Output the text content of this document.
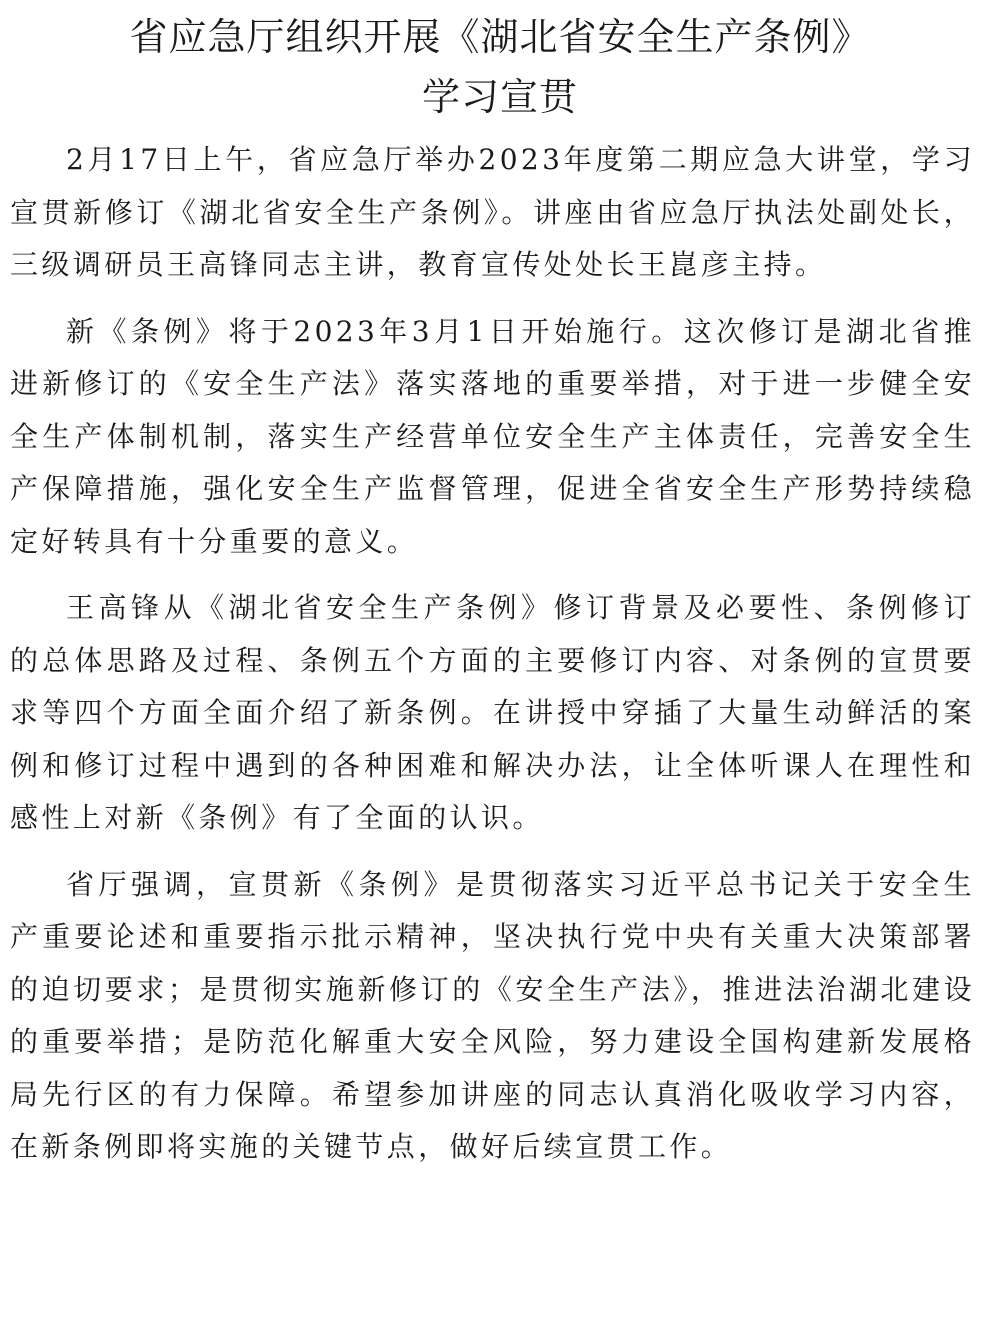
省应急厅组织开展《湖北省安全生产条例》
学习宣贯

2月17日上午，省应急厅举办2023年度第二期应急大讲堂，学习宣贯新修订《湖北省安全生产条例》。讲座由省应急厅执法处副处长，三级调研员王高锋同志主讲，教育宣传处处长王崑彦主持。

新《条例》将于2023年3月1日开始施行。这次修订是湖北省推进新修订的《安全生产法》落实落地的重要举措，对于进一步健全安全生产体制机制，落实生产经营单位安全生产主体责任，完善安全生产保障措施，强化安全生产监督管理，促进全省安全生产形势持续稳定好转具有十分重要的意义。

王高锋从《湖北省安全生产条例》修订背景及必要性、条例修订的总体思路及过程、条例五个方面的主要修订内容、对条例的宣贯要求等四个方面全面介绍了新条例。在讲授中穿插了大量生动鲜活的案例和修订过程中遇到的各种困难和解决办法，让全体听课人在理性和感性上对新《条例》有了全面的认识。

省厅强调，宣贯新《条例》是贯彻落实习近平总书记关于安全生产重要论述和重要指示批示精神，坚决执行党中央有关重大决策部署的迫切要求；是贯彻实施新修订的《安全生产法》，推进法治湖北建设的重要举措；是防范化解重大安全风险，努力建设全国构建新发展格局先行区的有力保障。希望参加讲座的同志认真消化吸收学习内容，在新条例即将实施的关键节点，做好后续宣贯工作。
